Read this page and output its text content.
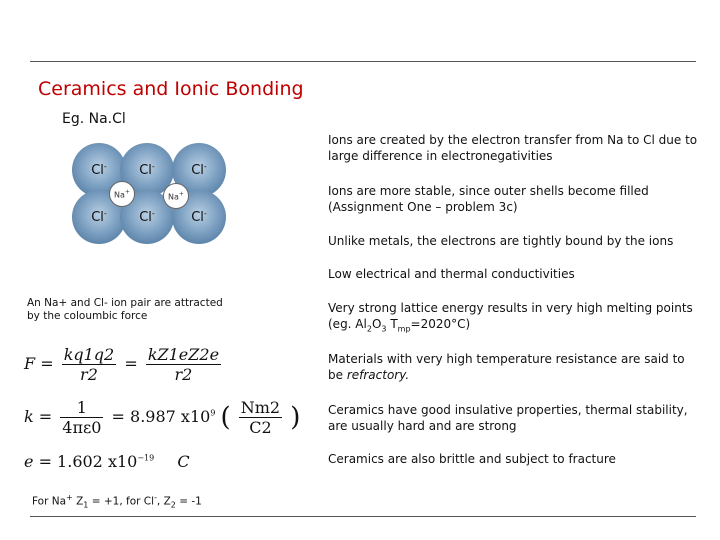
Ceramics and Ionic Bonding
Eg. Na.Cl
Cl-	Cl-	Cl-
Cl-	Cl-	Cl-
Na+
Na+
An Na+ and Cl- ion pair are attracted by the coloumbic force
$F = \frac{kq1q2}{r2} = \frac{kZ1eZ2e}{r2}$
$k = \frac{1}{4\pi\varepsilon 0} = 8.987$ $x10^9$ ( $\frac{Nm2}{C2}$ )
e = 1.602 $x10^{-19}$ C
For Na+ $Z_1 = +1$, for Cl-, $Z_2 = -1$
Ions are created by the electron transfer from Na to Cl due to large difference in electronegativities
Ions are more stable, since outer shells become filled (Assignment One – problem 3c)
Unlike metals, the electrons are tightly bound by the ions
Low electrical and thermal conductivities
Very strong lattice energy results in very high melting points (eg. $Al_2O_3$ $T_{mp}=2020^\circ C$)
Materials with very high temperature resistance are said to be refractory.
Ceramics have good insulative properties, thermal stability, are usually hard and are strong
Ceramics are also brittle and subject to fracture
